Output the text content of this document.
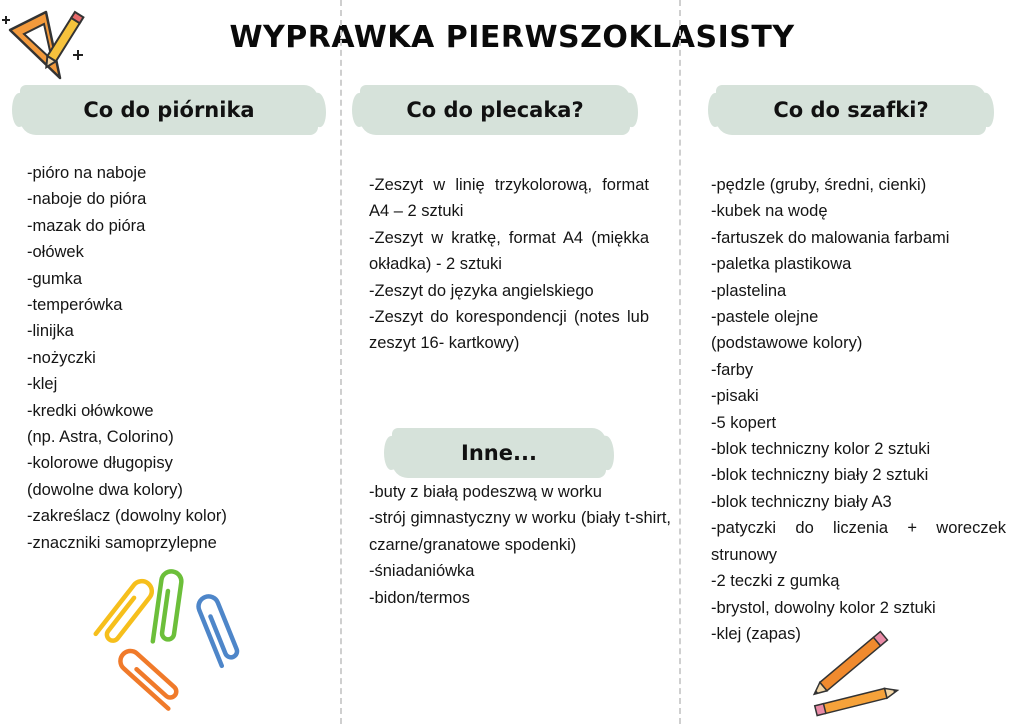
WYPRAWKA PIERWSZOKLASISTY
Co do piórnika	Co do plecaka?	Co do szafki?
Inne...
-pióro na naboje
-naboje do pióra
-mazak do pióra
-ołówek
-gumka
-temperówka
-linijka
-nożyczki
-klej
-kredki ołówkowe
(np. Astra, Colorino)
-kolorowe długopisy
(dowolne dwa kolory)
-zakreślacz (dowolny kolor)
-znaczniki samoprzylepne
-Zeszyt w linię trzykolorową, format A4 – 2 sztuki
-Zeszyt w kratkę, format A4 (miękka okładka) - 2 sztuki
-Zeszyt do języka angielskiego
-Zeszyt do korespondencji (notes lub zeszyt 16- kartkowy)
-buty z białą podeszwą w worku
-strój gimnastyczny w worku (biały t-shirt, czarne/granatowe spodenki)
-śniadaniówka
-bidon/termos
-pędzle (gruby, średni, cienki)
-kubek na wodę
-fartuszek do malowania farbami
-paletka plastikowa
-plastelina
-pastele olejne
(podstawowe kolory)
-farby
-pisaki
-5 kopert
-blok techniczny kolor 2 sztuki
-blok techniczny biały 2 sztuki
-blok techniczny biały A3
-patyczki do liczenia + woreczek strunowy
-2 teczki z gumką
-brystol, dowolny kolor 2 sztuki
-klej (zapas)
